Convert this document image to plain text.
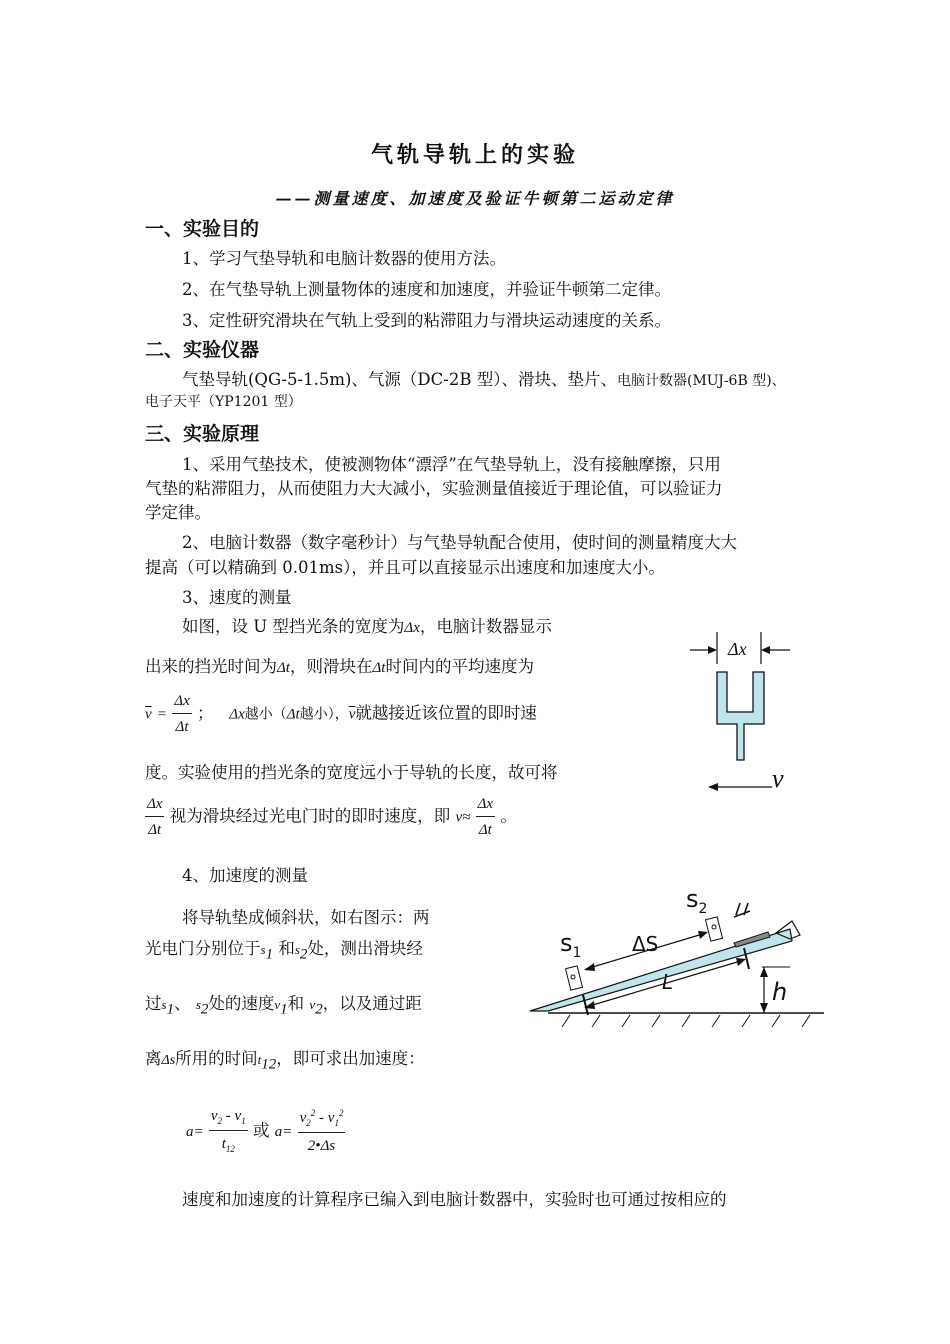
气轨导轨上的实验
——测量速度、加速度及验证牛顿第二运动定律
一、实验目的
1、学习气垫导轨和电脑计数器的使用方法。
2、在气垫导轨上测量物体的速度和加速度，并验证牛顿第二定律。
3、定性研究滑块在气轨上受到的粘滞阻力与滑块运动速度的关系。
二、实验仪器
气垫导轨(QG-5-1.5m)、气源（DC-2B 型）、滑块、垫片、电脑计数器(MUJ-6B 型)、
电子天平（YP1201 型）
三、实验原理
1、采用气垫技术，使被测物体“漂浮”在气垫导轨上，没有接触摩擦，只用
气垫的粘滞阻力，从而使阻力大大减小，实验测量值接近于理论值，可以验证力
学定律。
2、电脑计数器（数字毫秒计）与气垫导轨配合使用，使时间的测量精度大大
提高（可以精确到 0.01ms），并且可以直接显示出速度和加速度大小。
3、速度的测量
如图，设 U 型挡光条的宽度为Δx，电脑计数器显示
出来的挡光时间为Δt，则滑块在Δt时间内的平均速度为
$\overline{v} = \frac{\Delta x}{\Delta t}$ ； Δx越小（Δt越小），$\overline{v}$就越接近该位置的即时速
度。实验使用的挡光条的宽度远小于导轨的长度，故可将
$\frac{\Delta x}{\Delta t}$ 视为滑块经过光电门时的即时速度，即 $v\approx \frac{\Delta x}{\Delta t}$ 。
4、加速度的测量
将导轨垫成倾斜状，如右图示：两
光电门分别位于$s_1$ 和$s_2$处，测出滑块经
过$s_1$、 $s_2$处的速度$v_1$和 $v_2$，以及通过距
离Δs所用的时间$t_{12}$，即可求出加速度：
$a= \frac{v_2 - v_1}{t_{12}}$ 或 $a= \frac{v_2^2 - v_1^2}{2•\Delta s}$
速度和加速度的计算程序已编入到电脑计数器中，实验时也可通过按相应的
Δx
v
$s_1$
$s_2$
ΔS
L	h
